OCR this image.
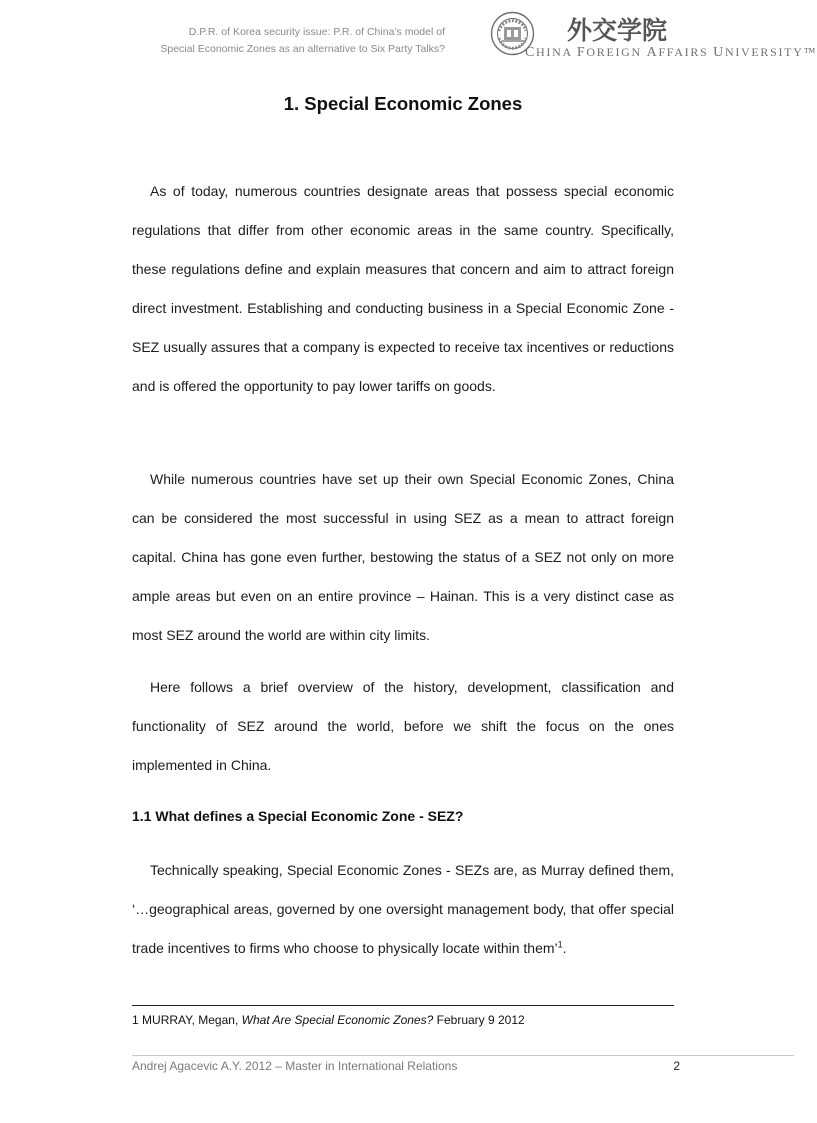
D.P.R. of Korea security issue: P.R. of China’s model of
Special Economic Zones as an alternative to Six Party Talks?
外交学院
CHINA FOREIGN AFFAIRS UNIVERSITY™
1. Special Economic Zones

As of today, numerous countries designate areas that possess special economic regulations that differ from other economic areas in the same country. Specifically, these regulations define and explain measures that concern and aim to attract foreign direct investment. Establishing and conducting business in a Special Economic Zone - SEZ usually assures that a company is expected to receive tax incentives or reductions and is offered the opportunity to pay lower tariffs on goods.

While numerous countries have set up their own Special Economic Zones, China can be considered the most successful in using SEZ as a mean to attract foreign capital. China has gone even further, bestowing the status of a SEZ not only on more ample areas but even on an entire province – Hainan. This is a very distinct case as most SEZ around the world are within city limits.

Here follows a brief overview of the history, development, classification and functionality of SEZ around the world, before we shift the focus on the ones implemented in China.

1.1 What defines a Special Economic Zone - SEZ?

Technically speaking, Special Economic Zones - SEZs are, as Murray defined them, ‘…geographical areas, governed by one oversight management body, that offer special trade incentives to firms who choose to physically locate within them’$^1$.

1 MURRAY, Megan, What Are Special Economic Zones? February 9 2012

Andrej Agacevic A.Y. 2012 – Master in International Relations	2
